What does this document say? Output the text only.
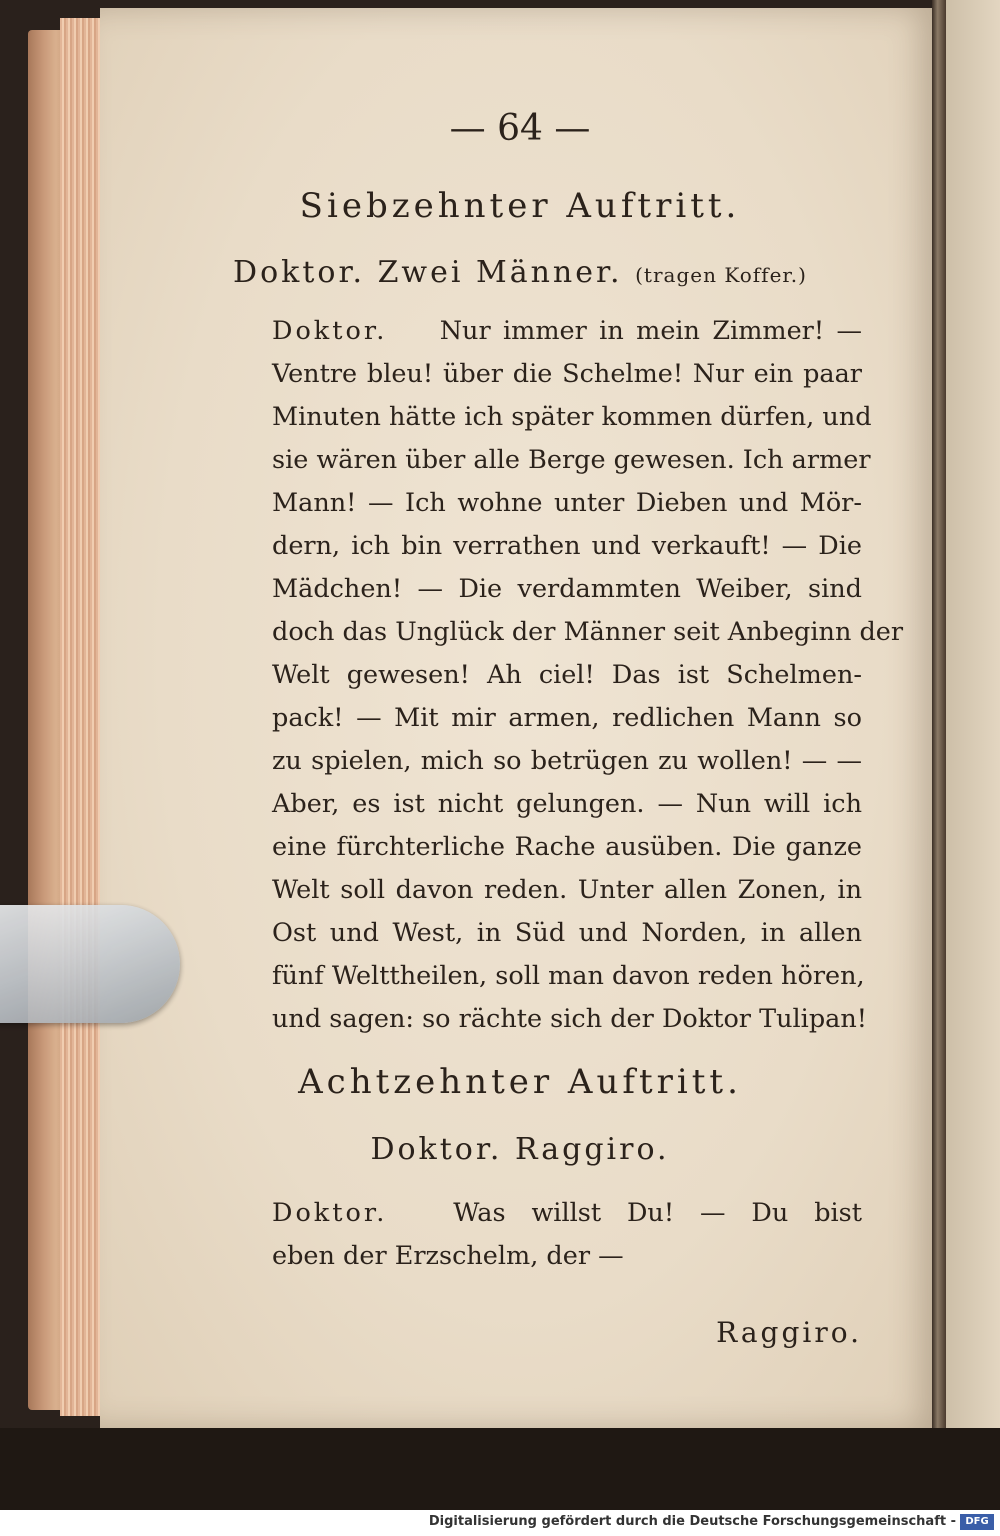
— 64 —
Siebzehnter Auftritt.
Doktor. Zwei Männer. (tragen Koffer.)
Doktor. Nur immer in mein Zimmer! —
Ventre bleu! über die Schelme! Nur ein paar
Minuten hätte ich später kommen dürfen, und
sie wären über alle Berge gewesen. Ich armer
Mann! — Ich wohne unter Dieben und Mör-
dern, ich bin verrathen und verkauft! — Die
Mädchen! — Die verdammten Weiber, sind
doch das Unglück der Männer seit Anbeginn der
Welt gewesen! Ah ciel! Das ist Schelmen-
pack! — Mit mir armen, redlichen Mann so
zu spielen, mich so betrügen zu wollen! — —
Aber, es ist nicht gelungen. — Nun will ich
eine fürchterliche Rache ausüben. Die ganze
Welt soll davon reden. Unter allen Zonen, in
Ost und West, in Süd und Norden, in allen
fünf Welttheilen, soll man davon reden hören,
und sagen: so rächte sich der Doktor Tulipan!
Achtzehnter Auftritt.
Doktor. Raggiro.
Doktor.	Was willst Du! — Du bist
eben der Erzschelm, der —
Raggiro.
Digitalisierung gefördert durch die Deutsche Forschungsgemeinschaft - DFG
